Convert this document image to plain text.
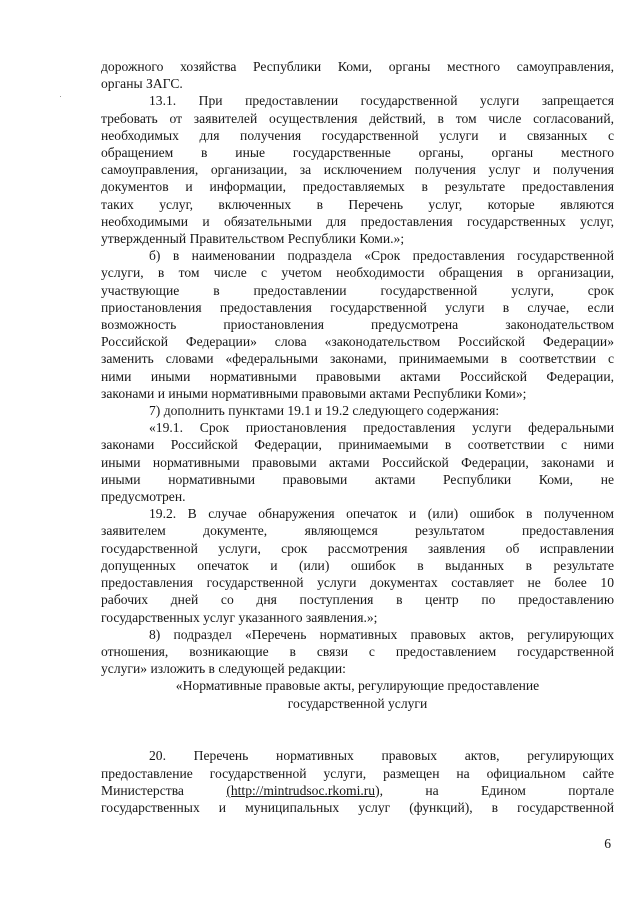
дорожного хозяйства Республики Коми, органы местного самоуправления,

органы ЗАГС.

13.1. При предоставлении государственной услуги запрещается

требовать от заявителей осуществления действий, в том числе согласований,

необходимых для получения государственной услуги и связанных с

обращением в иные государственные органы, органы местного

самоуправления, организации, за исключением получения услуг и получения

документов и информации, предоставляемых в результате предоставления

таких услуг, включенных в Перечень услуг, которые являются

необходимыми и обязательными для предоставления государственных услуг,

утвержденный Правительством Республики Коми.»;

б) в наименовании подраздела «Срок предоставления государственной

услуги, в том числе с учетом необходимости обращения в организации,

участвующие в предоставлении государственной услуги, срок

приостановления предоставления государственной услуги в случае, если

возможность приостановления предусмотрена законодательством

Российской Федерации» слова «законодательством Российской Федерации»

заменить словами «федеральными законами, принимаемыми в соответствии с

ними иными нормативными правовыми актами Российской Федерации,

законами и иными нормативными правовыми актами Республики Коми»;

7) дополнить пунктами 19.1 и 19.2 следующего содержания:

«19.1. Срок приостановления предоставления услуги федеральными

законами Российской Федерации, принимаемыми в соответствии с ними

иными нормативными правовыми актами Российской Федерации, законами и

иными нормативными правовыми актами Республики Коми, не

предусмотрен.

19.2. В случае обнаружения опечаток и (или) ошибок в полученном

заявителем документе, являющемся результатом предоставления

государственной услуги, срок рассмотрения заявления об исправлении

допущенных опечаток и (или) ошибок в выданных в результате

предоставления государственной услуги документах составляет не более 10

рабочих дней со дня поступления в центр по предоставлению

государственных услуг указанного заявления.»;

8) подраздел «Перечень нормативных правовых актов, регулирующих

отношения, возникающие в связи с предоставлением государственной

услуги» изложить в следующей редакции:

«Нормативные правовые акты, регулирующие предоставление

государственной услуги

20. Перечень нормативных правовых актов, регулирующих

предоставление государственной услуги, размещен на официальном сайте

Министерства	(http://mintrudsoc.rkomi.ru),	на Едином портале

государственных и муниципальных услуг (функций), в государственной

6
